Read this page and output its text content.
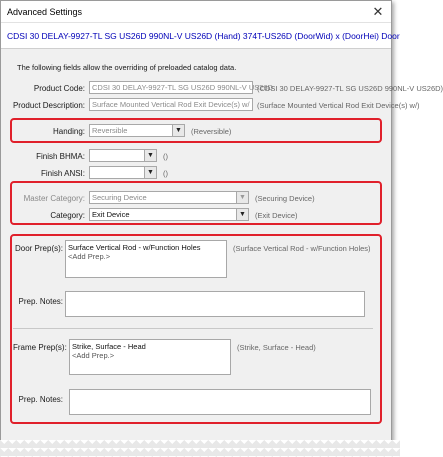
Advanced Settings	✕
CDSI 30 DELAY-9927-TL SG US26D 990NL-V US26D (Hand) 374T-US26D (DoorWid) x (DoorHei) Door
The following fields allow the overriding of preloaded catalog data.
Product Code: CDSI 30 DELAY-9927-TL SG US26D 990NL-V US26D
(CDSI 30 DELAY-9927-TL SG US26D 990NL-V US26D)
Product Description: Surface Mounted Vertical Rod Exit Device(s) w/ (Surface Mounted Vertical Rod Exit Device(s) w/)
Handing: Reversible	▼ (Reversible)
Finish BHMA:	▼ ()
Finish ANSI:	▼ ()
Master Category: Securing Device	▼ (Securing Device)
Category: Exit Device	▼ (Exit Device)
Door Prep(s): Surface Vertical Rod - w/Function Holes
<Add Prep.>
(Surface Vertical Rod - w/Function Holes)
Prep. Notes:
Frame Prep(s): Strike, Surface - Head
<Add Prep.>
(Strike, Surface - Head)
Prep. Notes:
